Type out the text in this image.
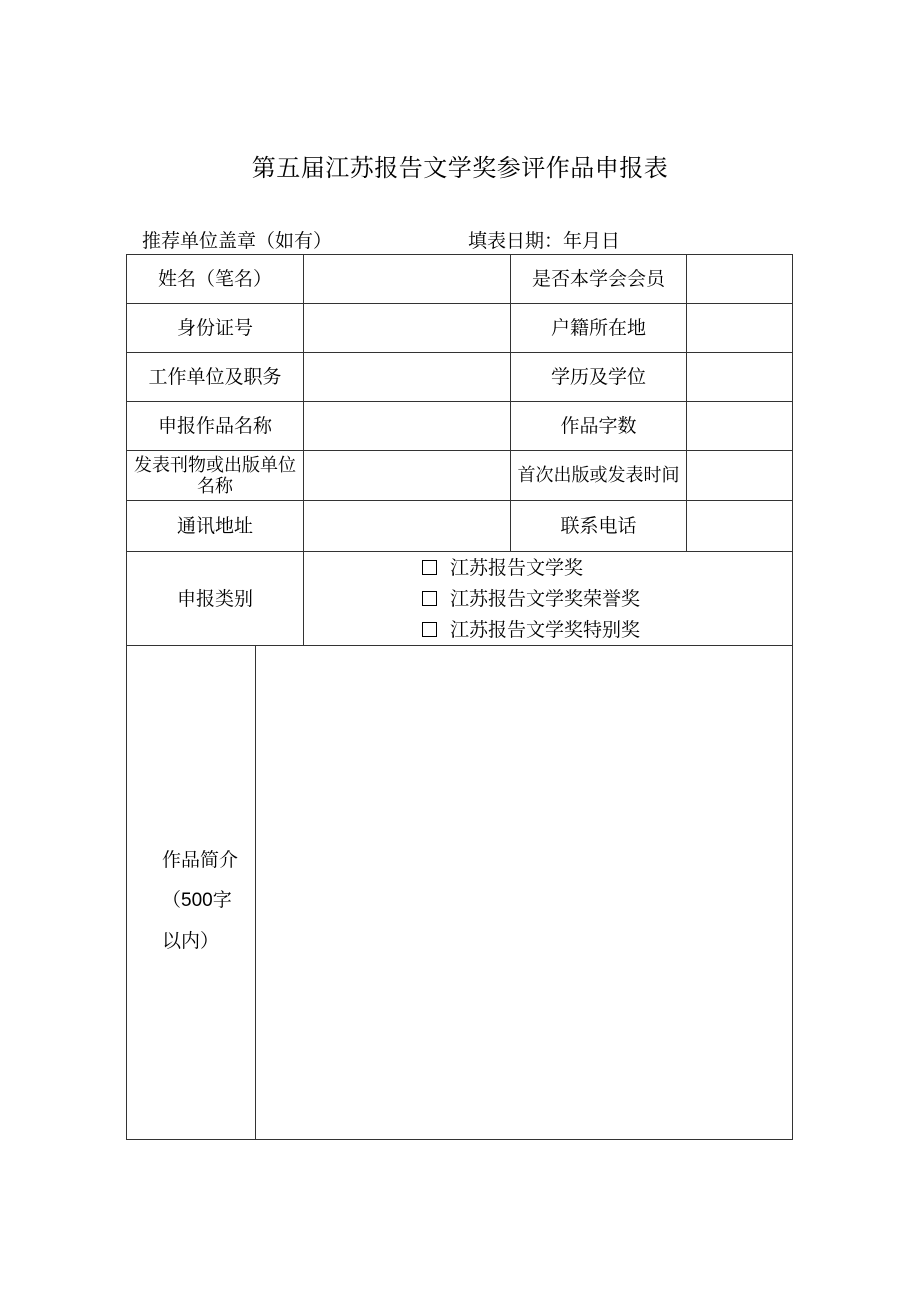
第五届江苏报告文学奖参评作品申报表
推荐单位盖章（如有）	填表日期：年月日
姓名（笔名）	是否本学会会员
身份证号	户籍所在地
工作单位及职务	学历及学位
申报作品名称	作品字数
发表刊物或出版单位名称	首次出版或发表时间
通讯地址	联系电话
申报类别
江苏报告文学奖
江苏报告文学奖荣誉奖
江苏报告文学奖特别奖
作品简介
（500字
以内）
